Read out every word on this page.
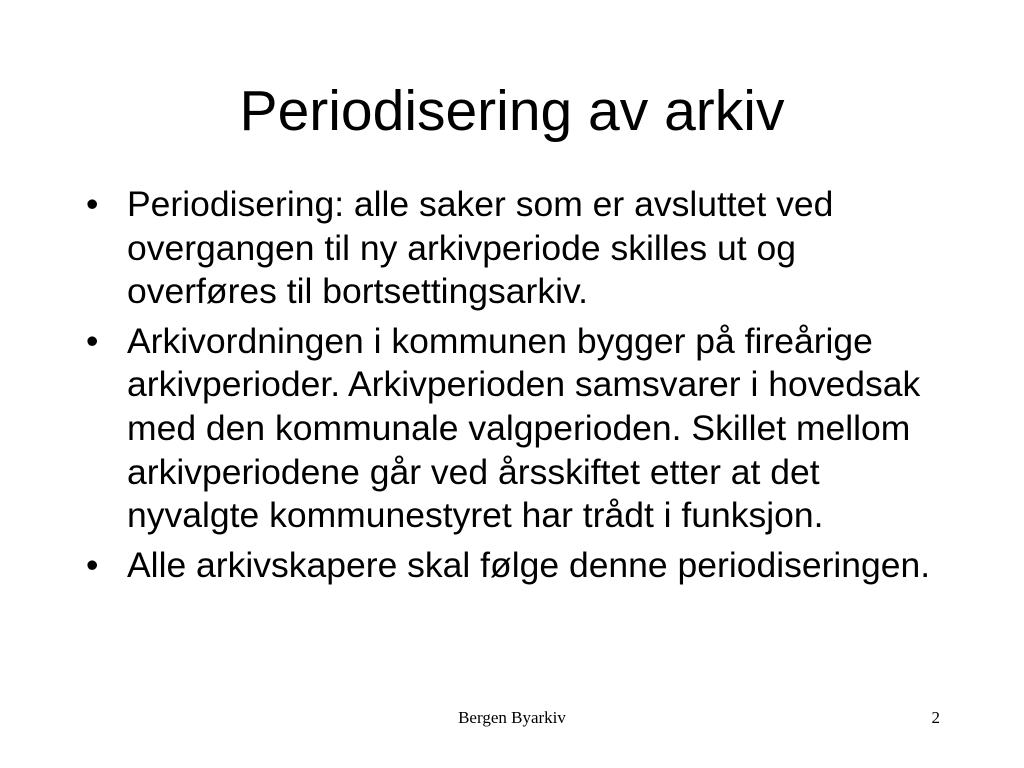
Periodisering av arkiv
• Periodisering: alle saker som er avsluttet ved overgangen til ny arkivperiode skilles ut og overføres til bortsettingsarkiv.
• Arkivordningen i kommunen bygger på fireårige arkivperioder. Arkivperioden samsvarer i hovedsak med den kommunale valgperioden. Skillet mellom arkivperiodene går ved årsskiftet etter at det nyvalgte kommunestyret har trådt i funksjon.
• Alle arkivskapere skal følge denne periodiseringen.
Bergen Byarkiv	2
